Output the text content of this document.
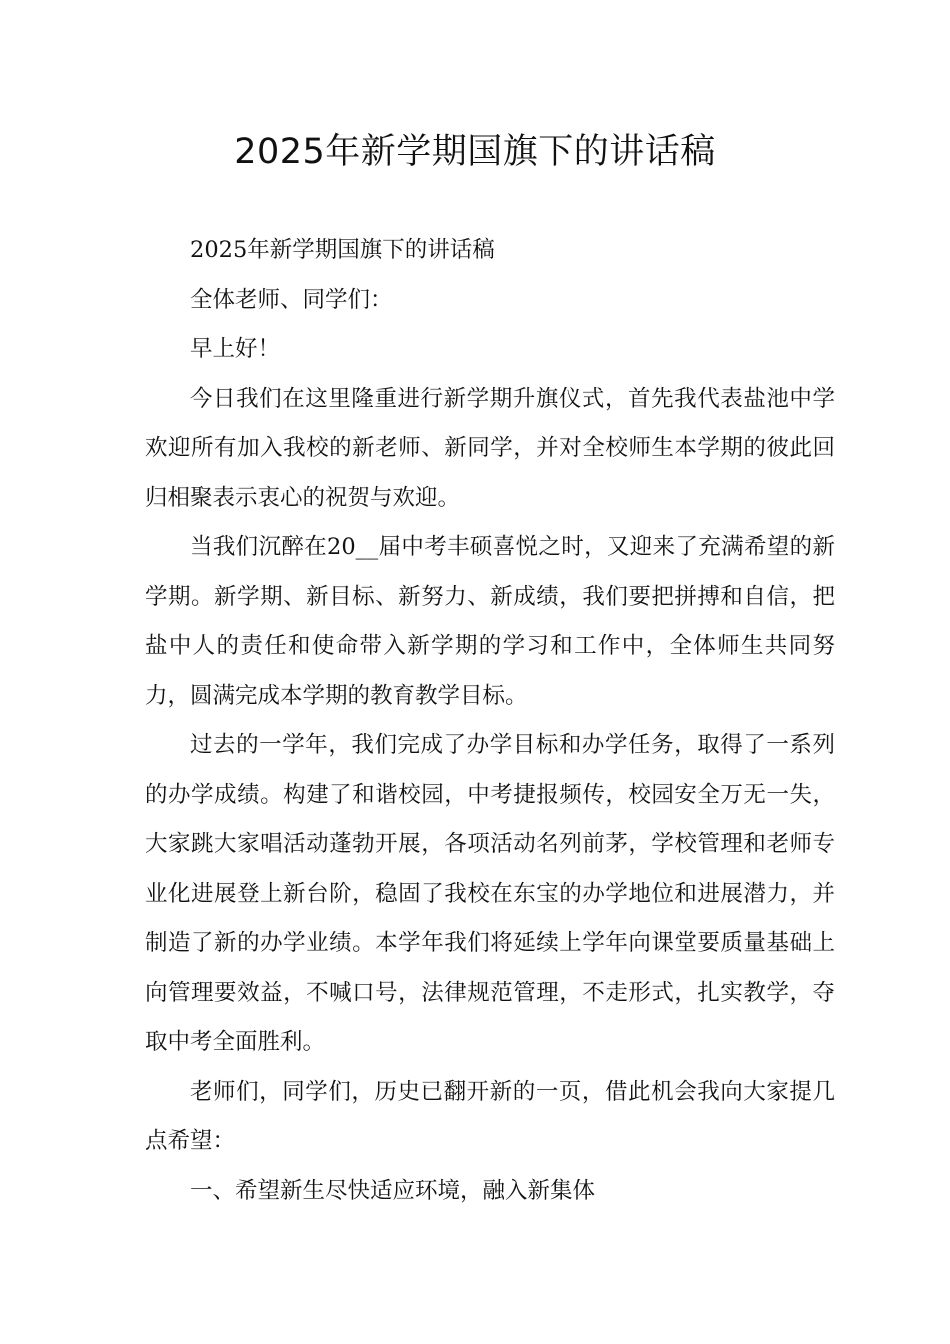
2025年新学期国旗下的讲话稿

2025年新学期国旗下的讲话稿

全体老师、同学们：

早上好！

今日我们在这里隆重进行新学期升旗仪式，首先我代表盐池中学欢迎所有加入我校的新老师、新同学，并对全校师生本学期的彼此回归相聚表示衷心的祝贺与欢迎。

当我们沉醉在20__届中考丰硕喜悦之时，又迎来了充满希望的新学期。新学期、新目标、新努力、新成绩，我们要把拼搏和自信，把盐中人的责任和使命带入新学期的学习和工作中，全体师生共同努力，圆满完成本学期的教育教学目标。

过去的一学年，我们完成了办学目标和办学任务，取得了一系列的办学成绩。构建了和谐校园，中考捷报频传，校园安全万无一失，大家跳大家唱活动蓬勃开展，各项活动名列前茅，学校管理和老师专业化进展登上新台阶，稳固了我校在东宝的办学地位和进展潜力，并制造了新的办学业绩。本学年我们将延续上学年向课堂要质量基础上向管理要效益，不喊口号，法律规范管理，不走形式，扎实教学，夺取中考全面胜利。

老师们，同学们，历史已翻开新的一页，借此机会我向大家提几点希望：

一、希望新生尽快适应环境，融入新集体
